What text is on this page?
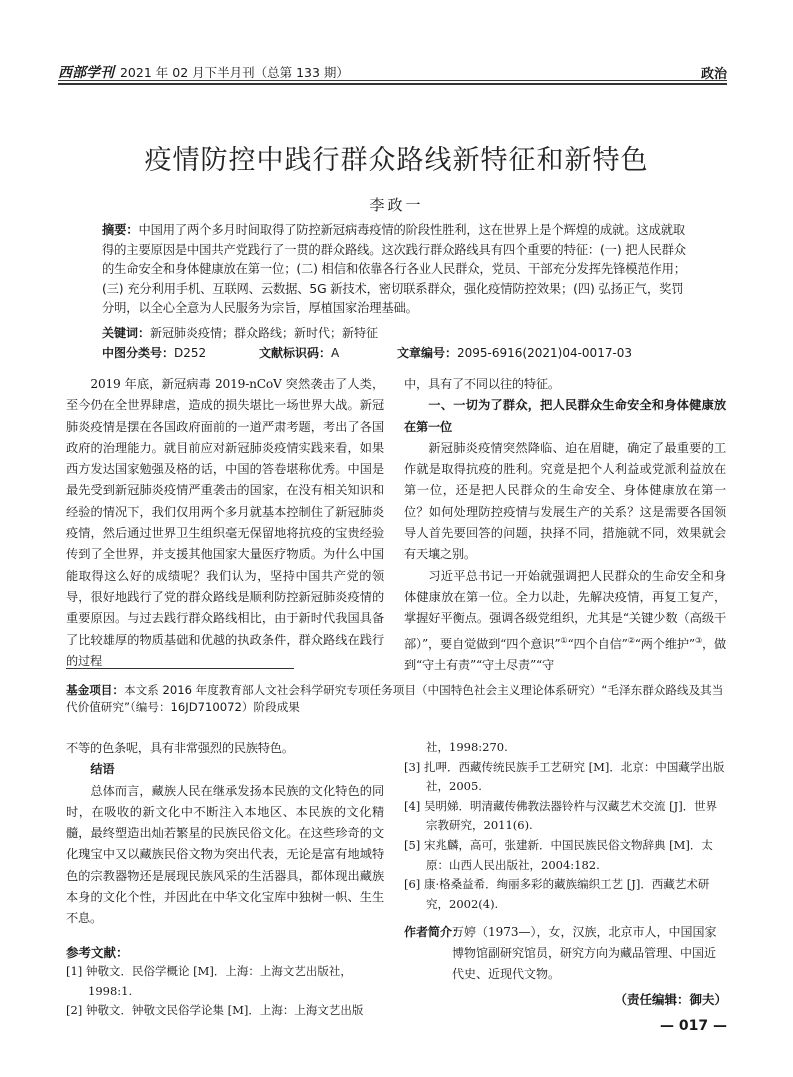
西部学刊 2021 年 02 月下半月刊（总第 133 期）	政治
疫情防控中践行群众路线新特征和新特色
李政一
摘要：中国用了两个多月时间取得了防控新冠病毒疫情的阶段性胜利，这在世界上是个辉煌的成就。这成就取得的主要原因是中国共产党践行了一贯的群众路线。这次践行群众路线具有四个重要的特征：(一) 把人民群众的生命安全和身体健康放在第一位；(二) 相信和依靠各行各业人民群众，党员、干部充分发挥先锋模范作用；(三) 充分利用手机、互联网、云数据、5G 新技术，密切联系群众，强化疫情防控效果；(四) 弘扬正气，奖罚分明，以全心全意为人民服务为宗旨，厚植国家治理基础。
关键词：新冠肺炎疫情；群众路线；新时代；新特征
中图分类号：D252	文献标识码：A	文章编号：2095-6916(2021)04-0017-03

2019 年底，新冠病毒 2019-nCoV 突然袭击了人类，至今仍在全世界肆虐，造成的损失堪比一场世界大战。新冠肺炎疫情是摆在各国政府面前的一道严肃考题，考出了各国政府的治理能力。就目前应对新冠肺炎疫情实践来看，如果西方发达国家勉强及格的话，中国的答卷堪称优秀。中国是最先受到新冠肺炎疫情严重袭击的国家，在没有相关知识和经验的情况下，我们仅用两个多月就基本控制住了新冠肺炎疫情，然后通过世界卫生组织毫无保留地将抗疫的宝贵经验传到了全世界，并支援其他国家大量医疗物质。为什么中国能取得这么好的成绩呢？我们认为，坚持中国共产党的领导，很好地践行了党的群众路线是顺利防控新冠肺炎疫情的重要原因。与过去践行群众路线相比，由于新时代我国具备了比较雄厚的物质基础和优越的执政条件，群众路线在践行的过程

中，具有了不同以往的特征。

一、一切为了群众，把人民群众生命安全和身体健康放在第一位

新冠肺炎疫情突然降临、迫在眉睫，确定了最重要的工作就是取得抗疫的胜利。究竟是把个人利益或党派利益放在第一位，还是把人民群众的生命安全、身体健康放在第一位？如何处理防控疫情与发展生产的关系？这是需要各国领导人首先要回答的问题，抉择不同，措施就不同，效果就会有天壤之别。

习近平总书记一开始就强调把人民群众的生命安全和身体健康放在第一位。全力以赴，先解决疫情，再复工复产，掌握好平衡点。强调各级党组织，尤其是“关键少数（高级干部）”，要自觉做到“四个意识”①“四个自信”②“两个维护”③，做到“守土有责”“守土尽责”“守

基金项目：本文系 2016 年度教育部人文社会科学研究专项任务项目（中国特色社会主义理论体系研究）“毛泽东群众路线及其当代价值研究”（编号：16JD710072）阶段成果

不等的色条呢，具有非常强烈的民族特色。

结语

总体而言，藏族人民在继承发扬本民族的文化特色的同时，在吸收的新文化中不断注入本地区、本民族的文化精髓，最终塑造出灿若繁星的民族民俗文化。在这些珍奇的文化瑰宝中又以藏族民俗文物为突出代表，无论是富有地域特色的宗教器物还是展现民族风采的生活器具，都体现出藏族本身的文化个性，并因此在中华文化宝库中独树一帜、生生不息。

参考文献：
[1] 钟敬文．民俗学概论 [M]．上海：上海文艺出版社，1998:1.
[2] 钟敬文．钟敬文民俗学论集 [M]．上海：上海文艺出版
社，1998:270.
[3] 扎呷．西藏传统民族手工艺研究 [M]．北京：中国藏学出版社，2005.
[4] 吴明娣．明清藏传佛教法器铃杵与汉藏艺术交流 [J]．世界宗教研究，2011(6).
[5] 宋兆麟，高可，张建新．中国民族民俗文物辞典 [M]．太原：山西人民出版社，2004:182.
[6] 康·格桑益希．绚丽多彩的藏族编织工艺 [J]．西藏艺术研究，2002(4).
作者简介：
万婷（1973—），女，汉族，北京市人，中国国家博物馆副研究馆员，研究方向为藏品管理、中国近代史、近现代文物。
（责任编辑：御夫）
— 017 —
